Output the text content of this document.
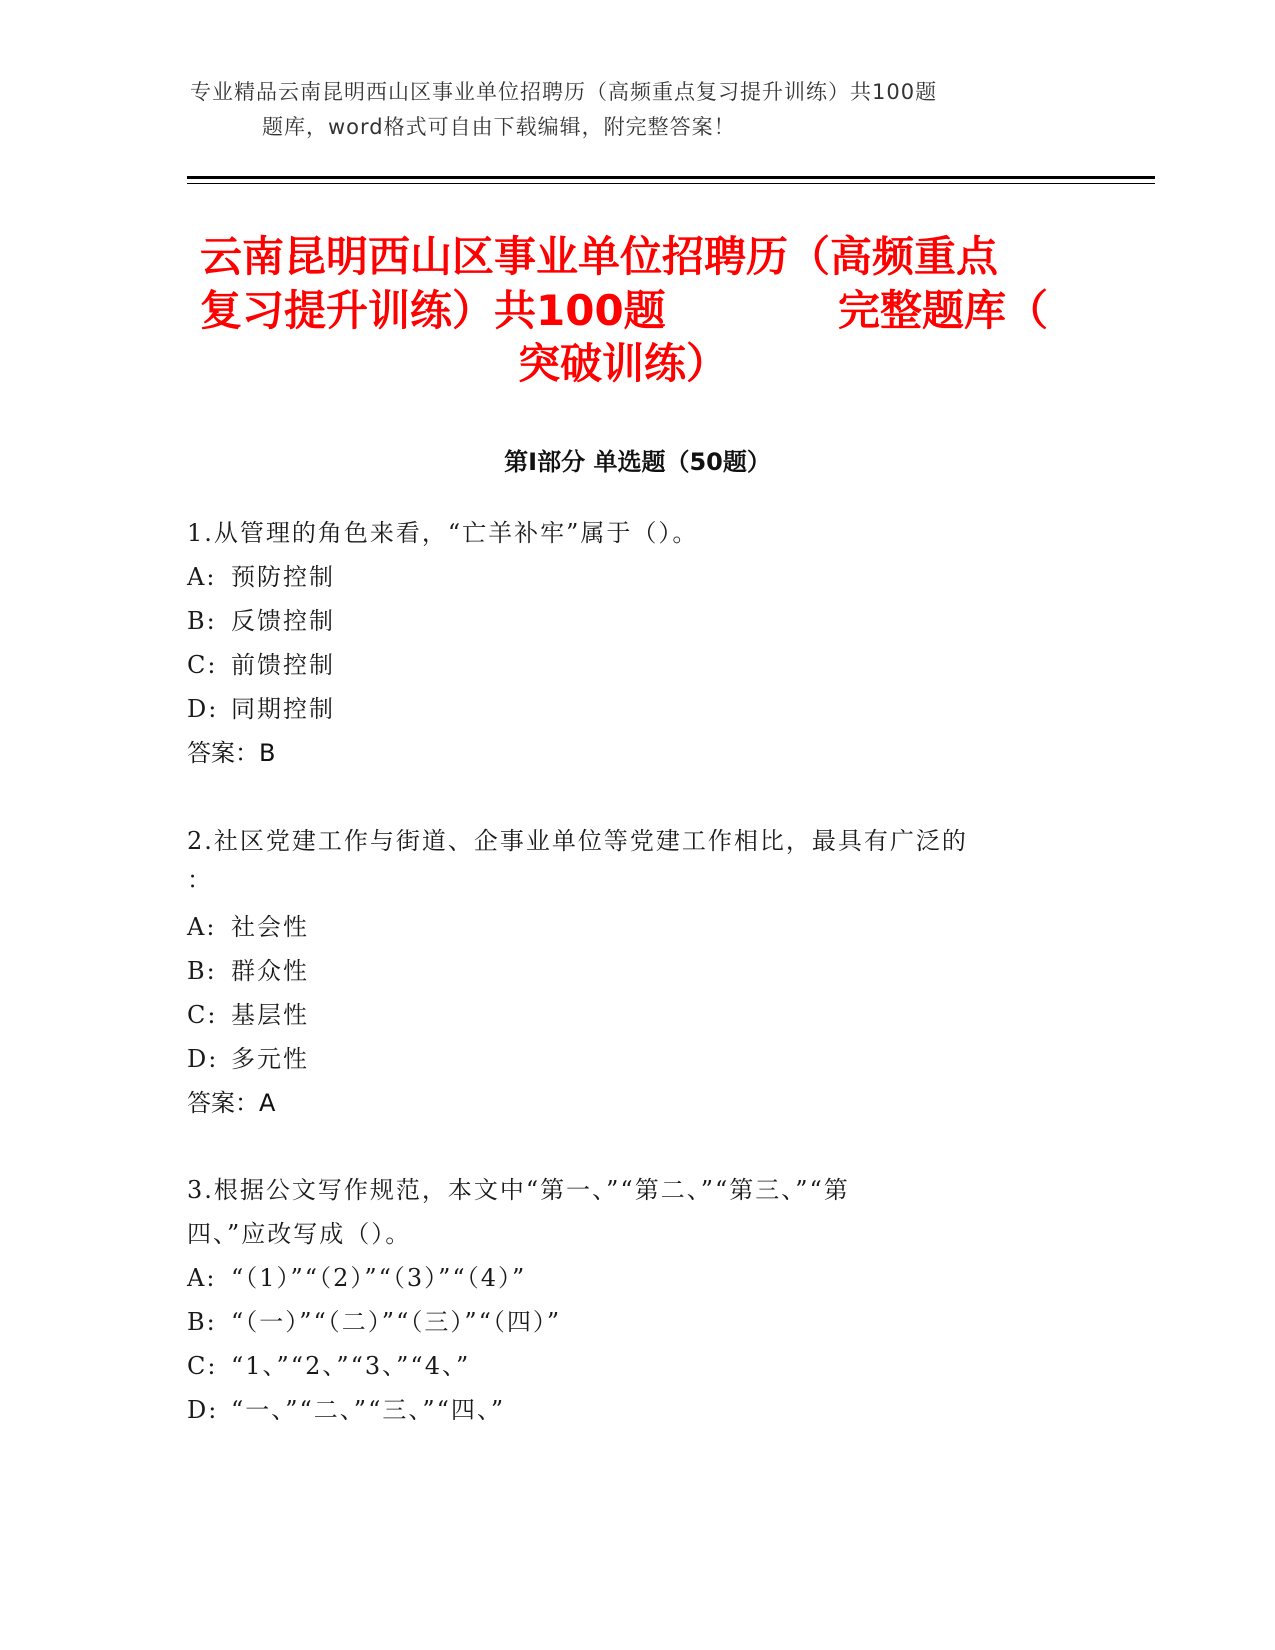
专业精品云南昆明西山区事业单位招聘历（高频重点复习提升训练）共100题
题库，word格式可自由下载编辑，附完整答案！
云南昆明西山区事业单位招聘历（高频重点
复习提升训练）共100题	完整题库（
突破训练）
第I部分 单选题（50题）
1.从管理的角色来看，“亡羊补牢”属于（）。
A: 预防控制
B: 反馈控制
C: 前馈控制
D: 同期控制
答案：B
2.社区党建工作与街道、企事业单位等党建工作相比，最具有广泛的
：
A: 社会性
B: 群众性
C: 基层性
D: 多元性
答案：A
3.根据公文写作规范，本文中“第一、”“第二、”“第三、”“第
四、”应改写成（）。
A: “（1）”“（2）”“（3）”“（4）”
B: “（一）”“（二）”“（三）”“（四）”
C: “1、”“2、”“3、”“4、”
D: “一、”“二、”“三、”“四、”
